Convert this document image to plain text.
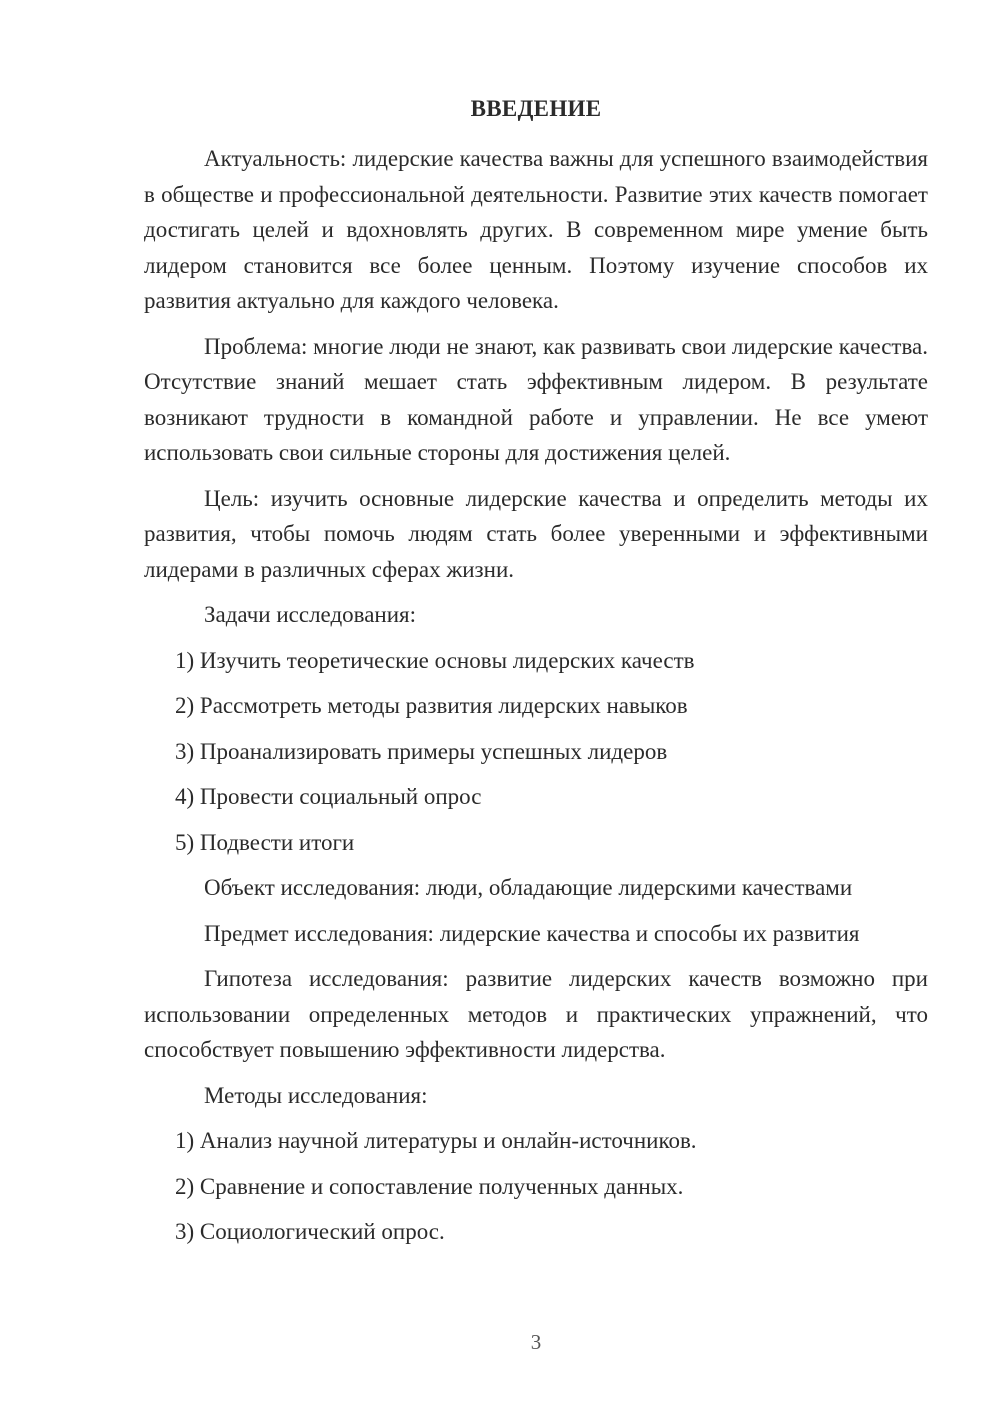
ВВЕДЕНИЕ

Актуальность: лидерские качества важны для успешного взаимодействия в обществе и профессиональной деятельности. Развитие этих качеств помогает достигать целей и вдохновлять других. В современном мире умение быть лидером становится все более ценным. Поэтому изучение способов их развития актуально для каждого человека.

Проблема: многие люди не знают, как развивать свои лидерские качества. Отсутствие знаний мешает стать эффективным лидером. В результате возникают трудности в командной работе и управлении. Не все умеют использовать свои сильные стороны для достижения целей.

Цель: изучить основные лидерские качества и определить методы их развития, чтобы помочь людям стать более уверенными и эффективными лидерами в различных сферах жизни.

Задачи исследования:

1) Изучить теоретические основы лидерских качеств
2) Рассмотреть методы развития лидерских навыков
3) Проанализировать примеры успешных лидеров
4) Провести социальный опрос
5) Подвести итоги

Объект исследования: люди, обладающие лидерскими качествами

Предмет исследования: лидерские качества и способы их развития

Гипотеза исследования: развитие лидерских качеств возможно при использовании определенных методов и практических упражнений, что способствует повышению эффективности лидерства.

Методы исследования:

1) Анализ научной литературы и онлайн-источников.
2) Сравнение и сопоставление полученных данных.
3) Социологический опрос.
3
